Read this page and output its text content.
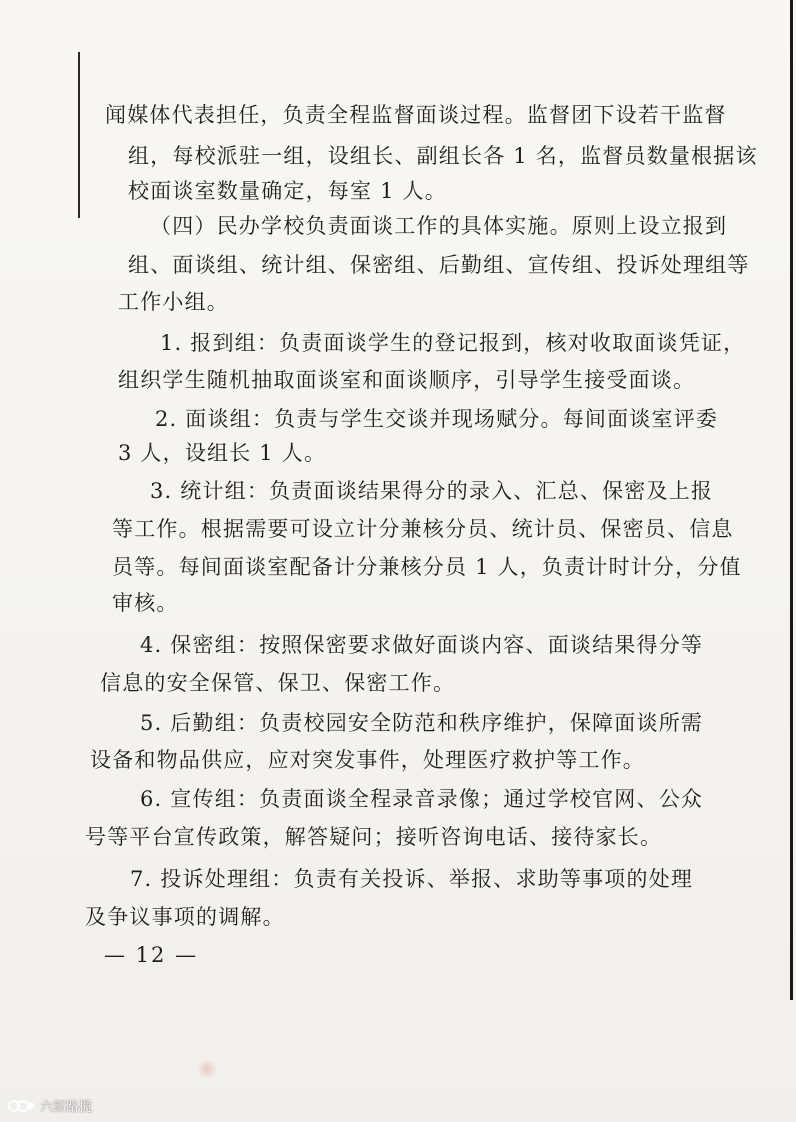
闻媒体代表担任，负责全程监督面谈过程。监督团下设若干监督
组，每校派驻一组，设组长、副组长各 1 名，监督员数量根据该
校面谈室数量确定，每室 1 人。
（四）民办学校负责面谈工作的具体实施。原则上设立报到
组、面谈组、统计组、保密组、后勤组、宣传组、投诉处理组等
工作小组。
1. 报到组：负责面谈学生的登记报到，核对收取面谈凭证，
组织学生随机抽取面谈室和面谈顺序，引导学生接受面谈。
2. 面谈组：负责与学生交谈并现场赋分。每间面谈室评委
3 人，设组长 1 人。
3. 统计组：负责面谈结果得分的录入、汇总、保密及上报
等工作。根据需要可设立计分兼核分员、统计员、保密员、信息
员等。每间面谈室配备计分兼核分员 1 人，负责计时计分，分值
审核。
4. 保密组：按照保密要求做好面谈内容、面谈结果得分等
信息的安全保管、保卫、保密工作。
5. 后勤组：负责校园安全防范和秩序维护，保障面谈所需
设备和物品供应，应对突发事件，处理医疗救护等工作。
6. 宣传组：负责面谈全程录音录像；通过学校官网、公众
号等平台宣传政策，解答疑问；接听咨询电话、接待家长。
7. 投诉处理组：负责有关投诉、举报、求助等事项的处理
及争议事项的调解。
— 12 —
六郎路揽
